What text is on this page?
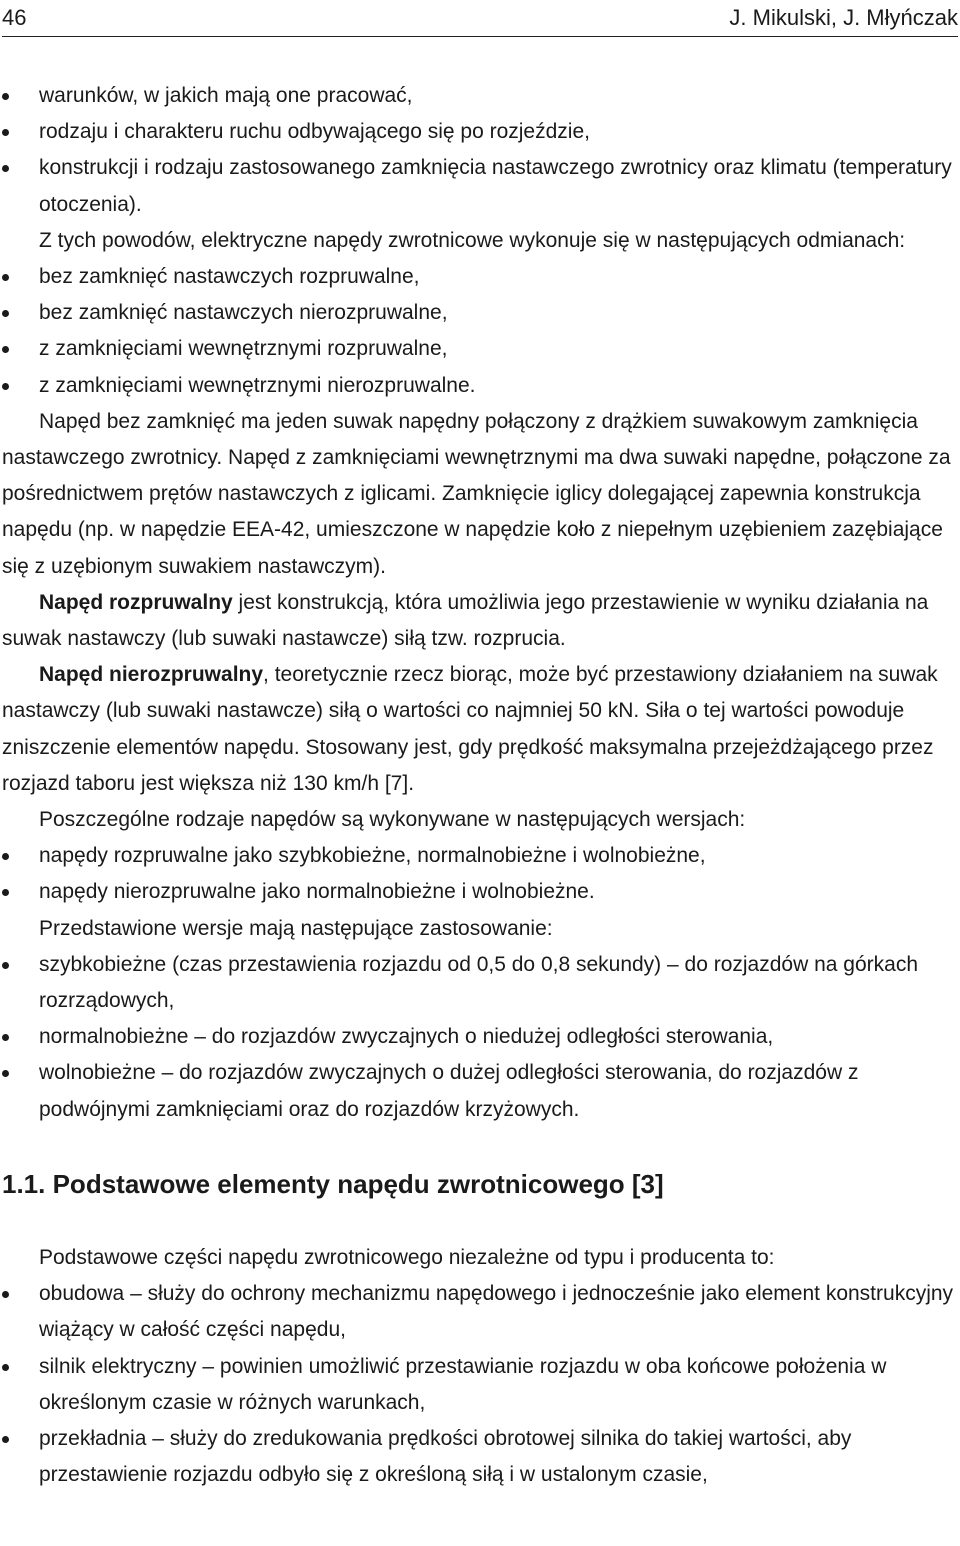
46	J. Mikulski, J. Młyńczak
warunków, w jakich mają one pracować,
rodzaju i charakteru ruchu odbywającego się po rozjeździe,
konstrukcji i rodzaju zastosowanego zamknięcia nastawczego zwrotnicy oraz klimatu (temperatury otoczenia).

Z tych powodów, elektryczne napędy zwrotnicowe wykonuje się w następujących odmianach:

bez zamknięć nastawczych rozpruwalne,
bez zamknięć nastawczych nierozpruwalne,
z zamknięciami wewnętrznymi rozpruwalne,
z zamknięciami wewnętrznymi nierozpruwalne.

Napęd bez zamknięć ma jeden suwak napędny połączony z drążkiem suwakowym zamknięcia nastawczego zwrotnicy. Napęd z zamknięciami wewnętrznymi ma dwa suwaki napędne, połączone za pośrednictwem prętów nastawczych z iglicami. Zamknięcie iglicy dolegającej zapewnia konstrukcja napędu (np. w napędzie EEA-42, umieszczone w napędzie koło z niepełnym uzębieniem zazębiające się z uzębionym suwakiem nastawczym).

Napęd rozpruwalny jest konstrukcją, która umożliwia jego przestawienie w wyniku działania na suwak nastawczy (lub suwaki nastawcze) siłą tzw. rozprucia.

Napęd nierozpruwalny, teoretycznie rzecz biorąc, może być przestawiony działaniem na suwak nastawczy (lub suwaki nastawcze) siłą o wartości co najmniej 50 kN. Siła o tej wartości powoduje zniszczenie elementów napędu. Stosowany jest, gdy prędkość maksymalna przejeżdżającego przez rozjazd taboru jest większa niż 130 km/h [7].

Poszczególne rodzaje napędów są wykonywane w następujących wersjach:

napędy rozpruwalne jako szybkobieżne, normalnobieżne i wolnobieżne,
napędy nierozpruwalne jako normalnobieżne i wolnobieżne.

Przedstawione wersje mają następujące zastosowanie:

szybkobieżne (czas przestawienia rozjazdu od 0,5 do 0,8 sekundy) – do rozjazdów na górkach rozrządowych,
normalnobieżne – do rozjazdów zwyczajnych o niedużej odległości sterowania,
wolnobieżne – do rozjazdów zwyczajnych o dużej odległości sterowania, do rozjazdów z podwójnymi zamknięciami oraz do rozjazdów krzyżowych.
1.1. Podstawowe elementy napędu zwrotnicowego [3]

Podstawowe części napędu zwrotnicowego niezależne od typu i producenta to:

obudowa – służy do ochrony mechanizmu napędowego i jednocześnie jako element konstrukcyjny wiążący w całość części napędu,
silnik elektryczny – powinien umożliwić przestawianie rozjazdu w oba końcowe położenia w określonym czasie w różnych warunkach,
przekładnia – służy do zredukowania prędkości obrotowej silnika do takiej wartości, aby przestawienie rozjazdu odbyło się z określoną siłą i w ustalonym czasie,
